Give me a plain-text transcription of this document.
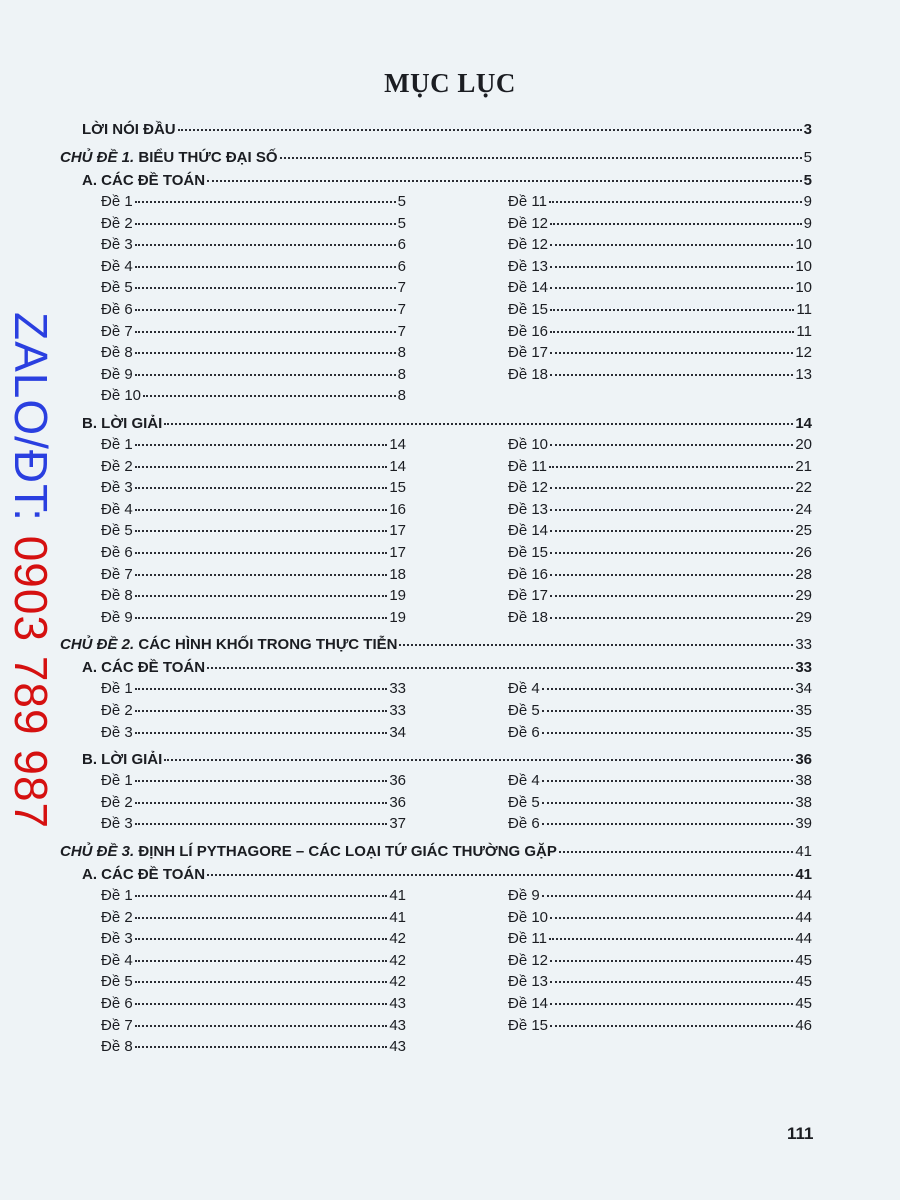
MỤC LỤC
ZALO/ĐT: 0903 789 987
LỜI NÓI ĐẦU	3
CHỦ ĐỀ 1. BIỂU THỨC ĐẠI SỐ	5
A. CÁC ĐỀ TOÁN	5
Đề 1	5
Đề 2	5
Đề 3	6
Đề 4	6
Đề 5	7
Đề 6	7
Đề 7	7
Đề 8	8
Đề 9	8
Đề 10	8
Đề 11	9
Đề 12	9
Đề 12	10
Đề 13	10
Đề 14	10
Đề 15	11
Đề 16	11
Đề 17	12
Đề 18	13
B. LỜI GIẢI	14
Đề 1	14
Đề 2	14
Đề 3	15
Đề 4	16
Đề 5	17
Đề 6	17
Đề 7	18
Đề 8	19
Đề 9	19
Đề 10	20
Đề 11	21
Đề 12	22
Đề 13	24
Đề 14	25
Đề 15	26
Đề 16	28
Đề 17	29
Đề 18	29
CHỦ ĐỀ 2. CÁC HÌNH KHỐI TRONG THỰC TIỄN	33
A. CÁC ĐỀ TOÁN	33
Đề 1	33
Đề 2	33
Đề 3	34
Đề 4	34
Đề 5	35
Đề 6	35
B. LỜI GIẢI	36
Đề 1	36
Đề 2	36
Đề 3	37
Đề 4	38
Đề 5	38
Đề 6	39
CHỦ ĐỀ 3. ĐỊNH LÍ PYTHAGORE – CÁC LOẠI TỨ GIÁC THƯỜNG GẶP	41
A. CÁC ĐỀ TOÁN	41
Đề 1	41
Đề 2	41
Đề 3	42
Đề 4	42
Đề 5	42
Đề 6	43
Đề 7	43
Đề 8	43
Đề 9	44
Đề 10	44
Đề 11	44
Đề 12	45
Đề 13	45
Đề 14	45
Đề 15	46
111
